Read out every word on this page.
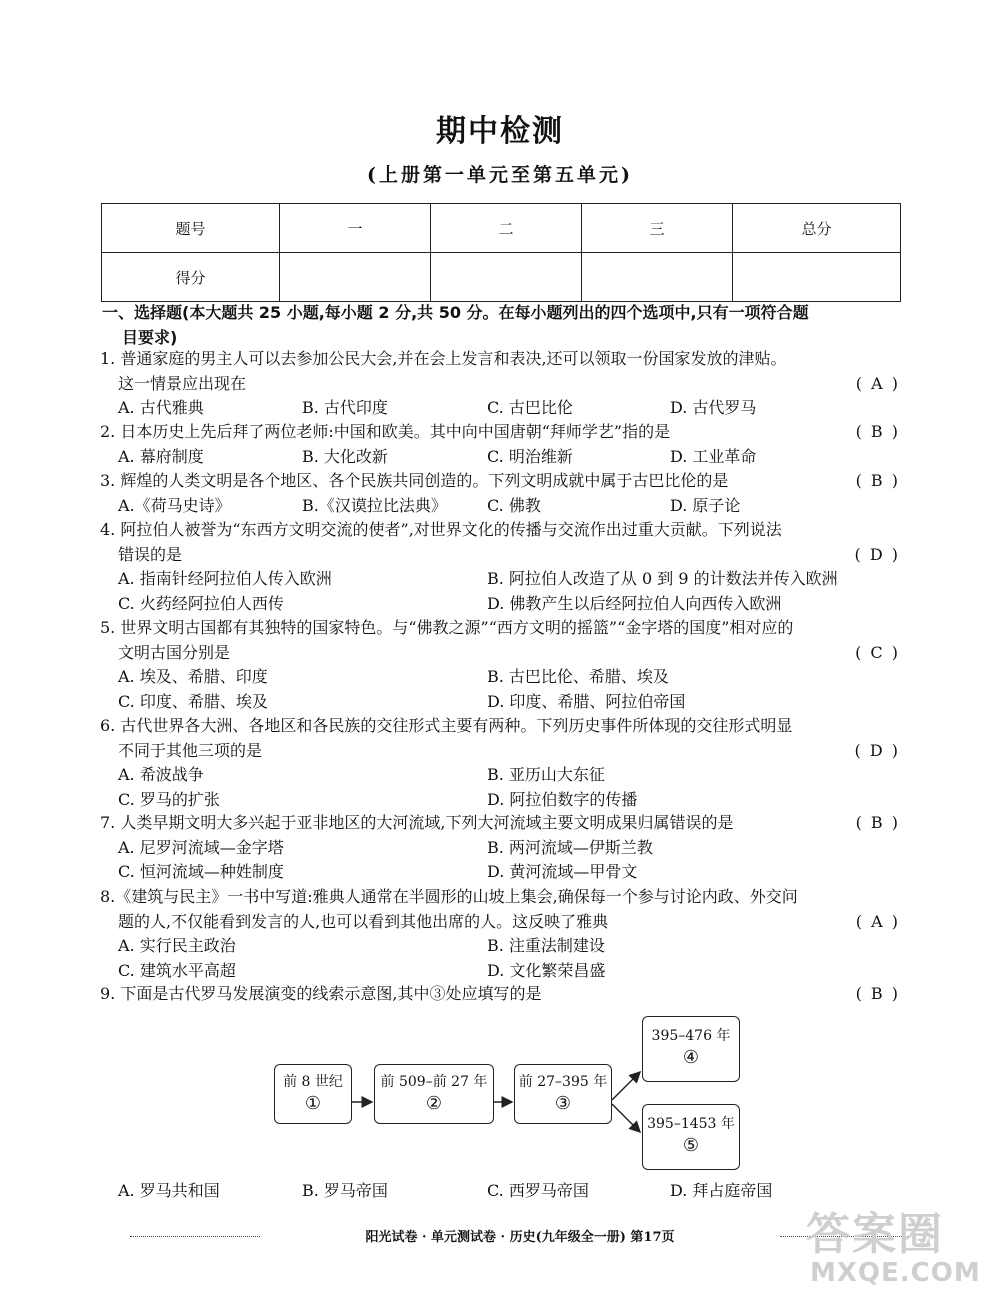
期中检测
(上册第一单元至第五单元)
题号	一	二	三	总分
得分				
一、选择题(本大题共 25 小题,每小题 2 分,共 50 分。在每小题列出的四个选项中,只有一项符合题
目要求)
1. 普通家庭的男主人可以去参加公民大会,并在会上发言和表决,还可以领取一份国家发放的津贴。
这一情景应出现在	( A )
A. 古代雅典	B. 古代印度	C. 古巴比伦	D. 古代罗马
2. 日本历史上先后拜了两位老师:中国和欧美。其中向中国唐朝“拜师学艺”指的是	( B )
A. 幕府制度	B. 大化改新	C. 明治维新	D. 工业革命
3. 辉煌的人类文明是各个地区、各个民族共同创造的。下列文明成就中属于古巴比伦的是	( B )
A.《荷马史诗》	B.《汉谟拉比法典》	C. 佛教	D. 原子论
4. 阿拉伯人被誉为“东西方文明交流的使者”,对世界文化的传播与交流作出过重大贡献。下列说法
错误的是	( D )
A. 指南针经阿拉伯人传入欧洲	B. 阿拉伯人改造了从 0 到 9 的计数法并传入欧洲
C. 火药经阿拉伯人西传	D. 佛教产生以后经阿拉伯人向西传入欧洲
5. 世界文明古国都有其独特的国家特色。与“佛教之源”“西方文明的摇篮”“金字塔的国度”相对应的
文明古国分别是	( C )
A. 埃及、希腊、印度	B. 古巴比伦、希腊、埃及
C. 印度、希腊、埃及	D. 印度、希腊、阿拉伯帝国
6. 古代世界各大洲、各地区和各民族的交往形式主要有两种。下列历史事件所体现的交往形式明显
不同于其他三项的是	( D )
A. 希波战争	B. 亚历山大东征
C. 罗马的扩张	D. 阿拉伯数字的传播
7. 人类早期文明大多兴起于亚非地区的大河流域,下列大河流域主要文明成果归属错误的是	( B )
A. 尼罗河流域—金字塔	B. 两河流域—伊斯兰教
C. 恒河流域—种姓制度	D. 黄河流域—甲骨文
8.《建筑与民主》一书中写道:雅典人通常在半圆形的山坡上集会,确保每一个参与讨论内政、外交问
题的人,不仅能看到发言的人,也可以看到其他出席的人。这反映了雅典	( A )
A. 实行民主政治	B. 注重法制建设
C. 建筑水平高超	D. 文化繁荣昌盛
9. 下面是古代罗马发展演变的线索示意图,其中③处应填写的是	( B )
前 8 世纪
①
前 509–前 27 年
②
前 27–395 年
③
395–476 年
④
395–1453 年
⑤
A. 罗马共和国	B. 罗马帝国	C. 西罗马帝国	D. 拜占庭帝国
阳光试卷 · 单元测试卷 · 历史(九年级全一册) 第17页	答案圈
MXQE.COM
